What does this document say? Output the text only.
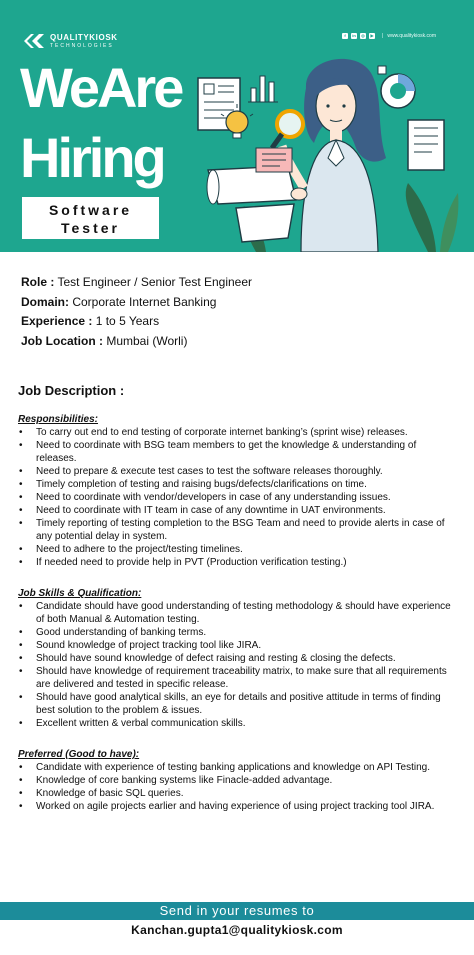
QUALITYKIOSK
TECHNOLOGIES
f	in	◎	▶ | www.qualitykiosk.com
WeAre
Hiring
Software
Tester
Role : Test Engineer / Senior Test Engineer
Domain: Corporate Internet Banking
Experience : 1 to 5 Years
Job Location : Mumbai (Worli)
Job Description :
Responsibilities:
• To carry out end to end testing of corporate internet banking’s (sprint wise) releases.
• Need to coordinate with BSG team members to get the knowledge & understanding of releases.
• Need to prepare & execute test cases to test the software releases thoroughly.
• Timely completion of testing and raising bugs/defects/clarifications on time.
• Need to coordinate with vendor/developers in case of any understanding issues.
• Need to coordinate with IT team in case of any downtime in UAT environments.
• Timely reporting of testing completion to the BSG Team and need to provide alerts in case of any potential delay in system.
• Need to adhere to the project/testing timelines.
• If needed need to provide help in PVT (Production verification testing.)
Job Skills & Qualification:
• Candidate should have good understanding of testing methodology & should have experience of both Manual & Automation testing.
• Good understanding of banking terms.
• Sound knowledge of project tracking tool like JIRA.
• Should have sound knowledge of defect raising and resting & closing the defects.
• Should have knowledge of requirement traceability matrix, to make sure that all requirements are delivered and tested in specific release.
• Should have good analytical skills, an eye for details and positive attitude in terms of finding best solution to the problem & issues.
• Excellent written & verbal communication skills.
Preferred (Good to have):
• Candidate with experience of testing banking applications and knowledge on API Testing.
• Knowledge of core banking systems like Finacle-added advantage.
• Knowledge of basic SQL queries.
• Worked on agile projects earlier and having experience of using project tracking tool JIRA.
Send in your resumes to
Kanchan.gupta1@qualitykiosk.com
